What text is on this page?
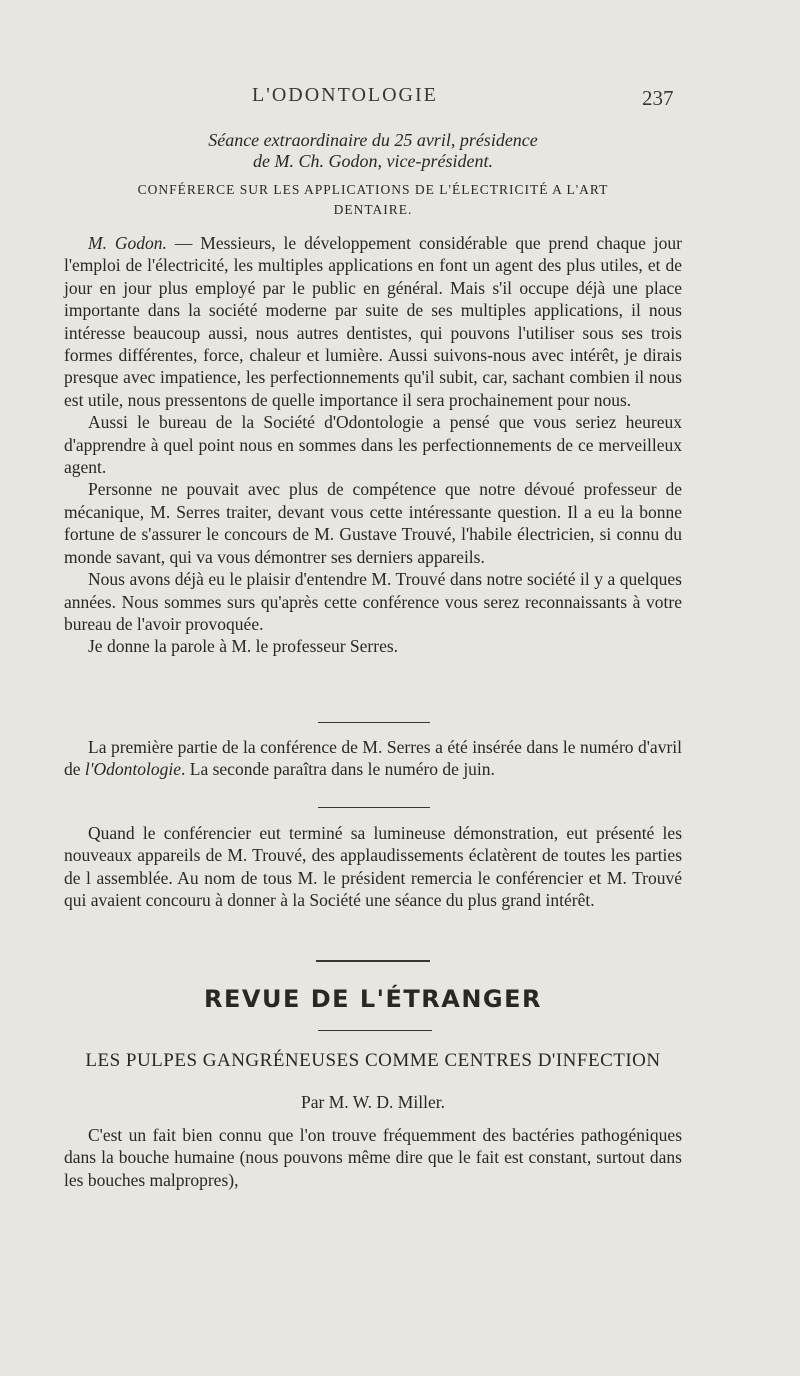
L'ODONTOLOGIE	237
Séance extraordinaire du 25 avril, présidence
de M. Ch. Godon, vice-président.
CONFÉRERCE SUR LES APPLICATIONS DE L'ÉLECTRICITÉ A L'ART
DENTAIRE.

M. Godon. — Messieurs, le développement considérable que prend chaque jour l'emploi de l'électricité, les multiples applications en font un agent des plus utiles, et de jour en jour plus employé par le public en général. Mais s'il occupe déjà une place importante dans la société moderne par suite de ses multiples applications, il nous intéresse beaucoup aussi, nous autres dentistes, qui pouvons l'utiliser sous ses trois formes différentes, force, chaleur et lumière. Aussi suivons-nous avec intérêt, je dirais presque avec impatience, les perfectionnements qu'il subit, car, sachant combien il nous est utile, nous pressentons de quelle importance il sera prochainement pour nous.

Aussi le bureau de la Société d'Odontologie a pensé que vous seriez heureux d'apprendre à quel point nous en sommes dans les perfectionnements de ce merveilleux agent.

Personne ne pouvait avec plus de compétence que notre dévoué professeur de mécanique, M. Serres traiter, devant vous cette intéressante question. Il a eu la bonne fortune de s'assurer le concours de M. Gustave Trouvé, l'habile électricien, si connu du monde savant, qui va vous démontrer ses derniers appareils.

Nous avons déjà eu le plaisir d'entendre M. Trouvé dans notre société il y a quelques années. Nous sommes surs qu'après cette conférence vous serez reconnaissants à votre bureau de l'avoir provoquée.

Je donne la parole à M. le professeur Serres.

La première partie de la conférence de M. Serres a été insérée dans le numéro d'avril de l'Odontologie. La seconde paraîtra dans le numéro de juin.

Quand le conférencier eut terminé sa lumineuse démonstration, eut présenté les nouveaux appareils de M. Trouvé, des applaudissements éclatèrent de toutes les parties de l assemblée. Au nom de tous M. le président remercia le conférencier et M. Trouvé qui avaient concouru à donner à la Société une séance du plus grand intérêt.

REVUE DE L'ÉTRANGER
LES PULPES GANGRÉNEUSES COMME CENTRES D'INFECTION
Par M. W. D. Miller.

C'est un fait bien connu que l'on trouve fréquemment des bactéries pathogéniques dans la bouche humaine (nous pouvons même dire que le fait est constant, surtout dans les bouches malpropres),
